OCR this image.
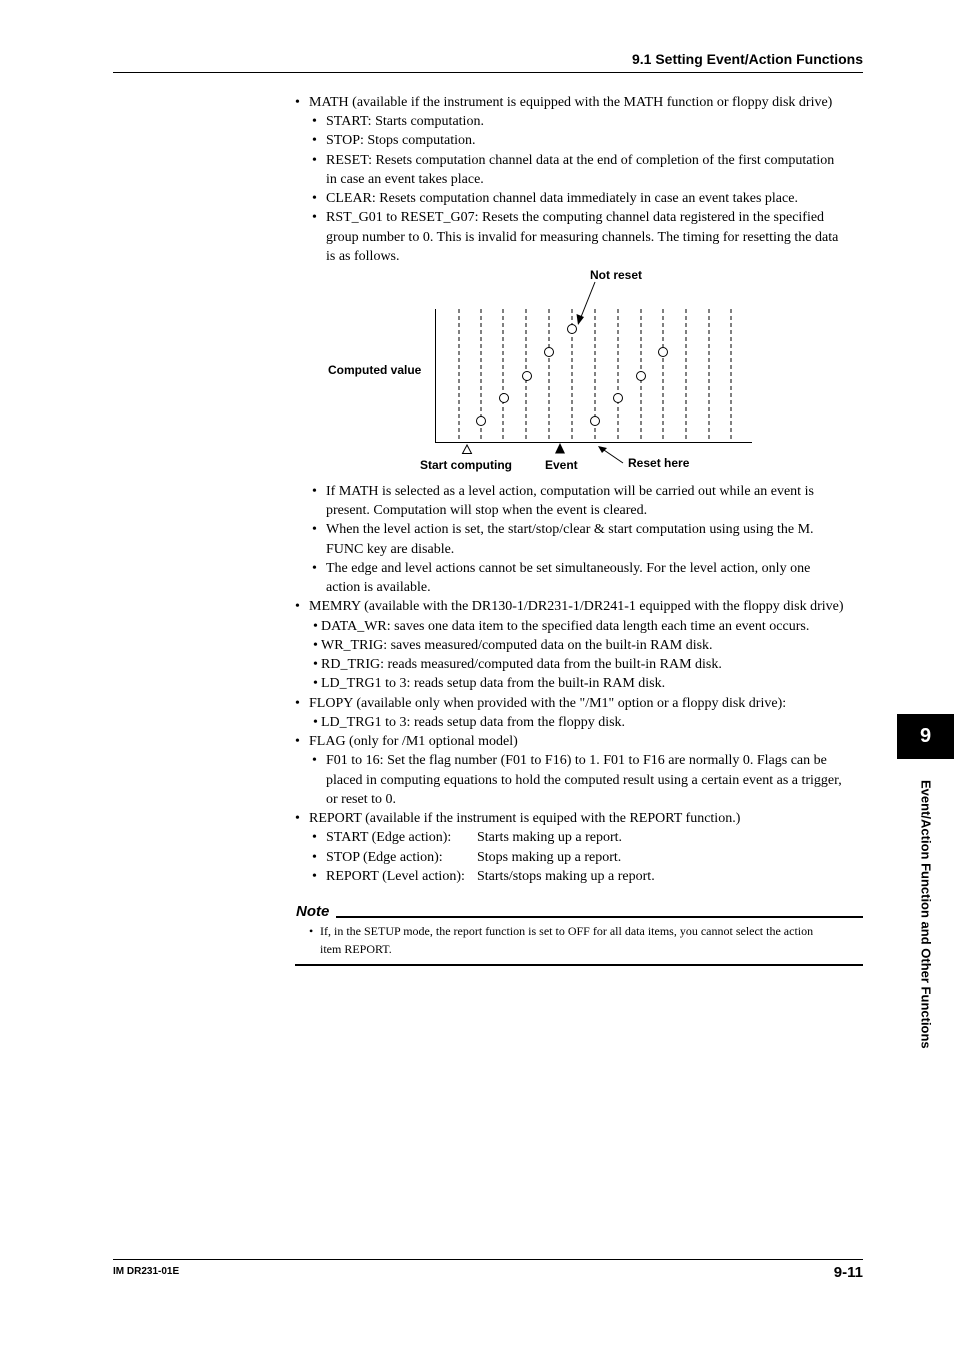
9.1 Setting Event/Action Functions
• MATH (available if the instrument is equipped with the MATH function or floppy disk drive)
• START: Starts computation.
• STOP: Stops computation.
• RESET: Resets computation channel data at the end of completion of the first computation
in case an event takes place.
• CLEAR: Resets computation channel data immediately in case an event takes place.
• RST_G01 to RESET_G07: Resets the computing channel data registered in the specified
group number to 0. This is invalid for measuring channels. The timing for resetting the data
is as follows.
Not reset
Computed value
Start computing	Event	Reset here
• If MATH is selected as a level action, computation will be carried out while an event is
present. Computation will stop when the event is cleared.
• When the level action is set, the start/stop/clear & start computation using using the M.
FUNC key are disable.
• The edge and level actions cannot be set simultaneously. For the level action, only one
action is available.
• MEMRY (available with the DR130-1/DR231-1/DR241-1 equipped with the floppy disk drive)
• DATA_WR: saves one data item to the specified data length each time an event occurs.
• WR_TRIG: saves measured/computed data on the built-in RAM disk.
• RD_TRIG: reads measured/computed data from the built-in RAM disk.
• LD_TRG1 to 3: reads setup data from the built-in RAM disk.
• FLOPY (available only when provided with the "/M1" option or a floppy disk drive):
• LD_TRG1 to 3: reads setup data from the floppy disk.
• FLAG (only for /M1 optional model)
• F01 to 16: Set the flag number (F01 to F16) to 1. F01 to F16 are normally 0. Flags can be
placed in computing equations to hold the computed result using a certain event as a trigger,
or reset to 0.
• REPORT (available if the instrument is equiped with the REPORT function.)
• START (Edge action): Starts making up a report.
• STOP (Edge action): Stops making up a report.
• REPORT (Level action): Starts/stops making up a report.
Note
• If, in the SETUP mode, the report function is set to OFF for all data items, you cannot select the action
item REPORT.
9
Event/Action Function and Other Functions
IM DR231-01E	9-11
